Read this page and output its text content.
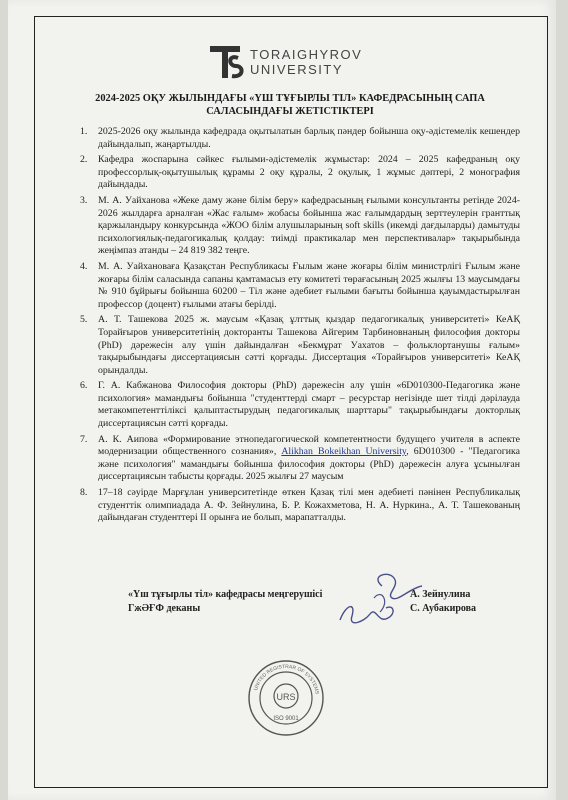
TORAIGHYROV
UNIVERSITY
2024-2025 ОҚУ ЖЫЛЫНДАҒЫ «ҮШ ТҰҒЫРЛЫ ТІЛ» КАФЕДРАСЫНЫҢ САПА
САЛАСЫНДАҒЫ ЖЕТІСТІКТЕРІ
1. 2025-2026 оқу жылында кафедрада оқытылатын барлық пәндер бойынша оқу-әдістемелік кешендер дайындалып, жаңартылды.
2. Кафедра жоспарына сәйкес ғылыми-әдістемелік жұмыстар: 2024 – 2025 кафедраның оқу профессорлық-оқытушылық құрамы 2 оқу құралы, 2 оқулық, 1 жұмыс дәптері, 2 монография дайындады.
3. М. А. Уайханова «Жеке даму және білім беру» кафедрасының ғылыми консультанты ретінде 2024-2026 жылдарға арналған «Жас ғалым» жобасы бойынша жас ғалымдардың зерттеулерін гранттық қаржыландыру конкурсында «ЖОО білім алушыларының soft skills (икемді дағдыларды) дамытуды психологиялық-педагогикалық қолдау: тиімді практикалар мен перспективалар» тақырыбында жеңімпаз атанды – 24 819 382 теңге.
4. М. А. Уайхановаға Қазақстан Республикасы Ғылым және жоғары білім министрлігі Ғылым және жоғары білім саласында сапаны қамтамасыз ету комитеті төрағасының 2025 жылғы 13 маусымдағы № 910 бұйрығы бойынша 60200 – Тіл және әдебиет ғылыми бағыты бойынша қауымдастырылған профессор (доцент) ғылыми атағы берілді.
5. А. Т. Ташекова 2025 ж. маусым «Қазақ ұлттық қыздар педагогикалық университеті» КеАҚ Торайғыров университетінің докторанты Ташекова Айгерим Тарбиновнаның философия докторы (PhD) дәрежесін алу үшін дайындалған «Бекмұрат Уахатов – фольклортанушы ғалым» тақырыбындағы диссертациясын сәтті қорғады. Диссертация «Торайғыров университеті» КеАҚ орындалды.
6. Г. А. Кабжанова Философия докторы (PhD) дәрежесін алу үшін «6D010300-Педагогика және психология» мамандығы бойынша "студенттерді смарт – ресурстар негізінде шет тілді дәрілауда метакомпетенттіліксі қалыптастырудың педагогикалық шарттары" тақырыбындағы докторлық диссертациясын сәтті қорғады.
7. А. К. Аипова «Формирование этнопедагогической компетентности будущего учителя в аспекте модернизации общественного сознания», Alikhan Bokeikhan University, 6D010300 - "Педагогика және психология" мамандығы бойынша философия докторы (PhD) дәрежесін алуға ұсынылған диссертациясын табысты қорғады. 2025 жылғы 27 маусым
8. 17–18 сәуірде Марғұлан университетінде өткен Қазақ тілі мен әдебиеті пәнінен Республикалық студенттік олимпиадада А. Ф. Зейнулина, Б. Р. Кожахметова, Н. А. Нуркина., А. Т. Ташекованың дайындаған студенттері II орынға ие болып, марапатталды.
«Үш тұғырлы тіл» кафедрасы меңгерушісі
ГжӘҒФ деканы
А. Зейнулина
С. Аубакирова
URS
ISO 9001
UNITED REGISTRAR OF SYSTEMS
